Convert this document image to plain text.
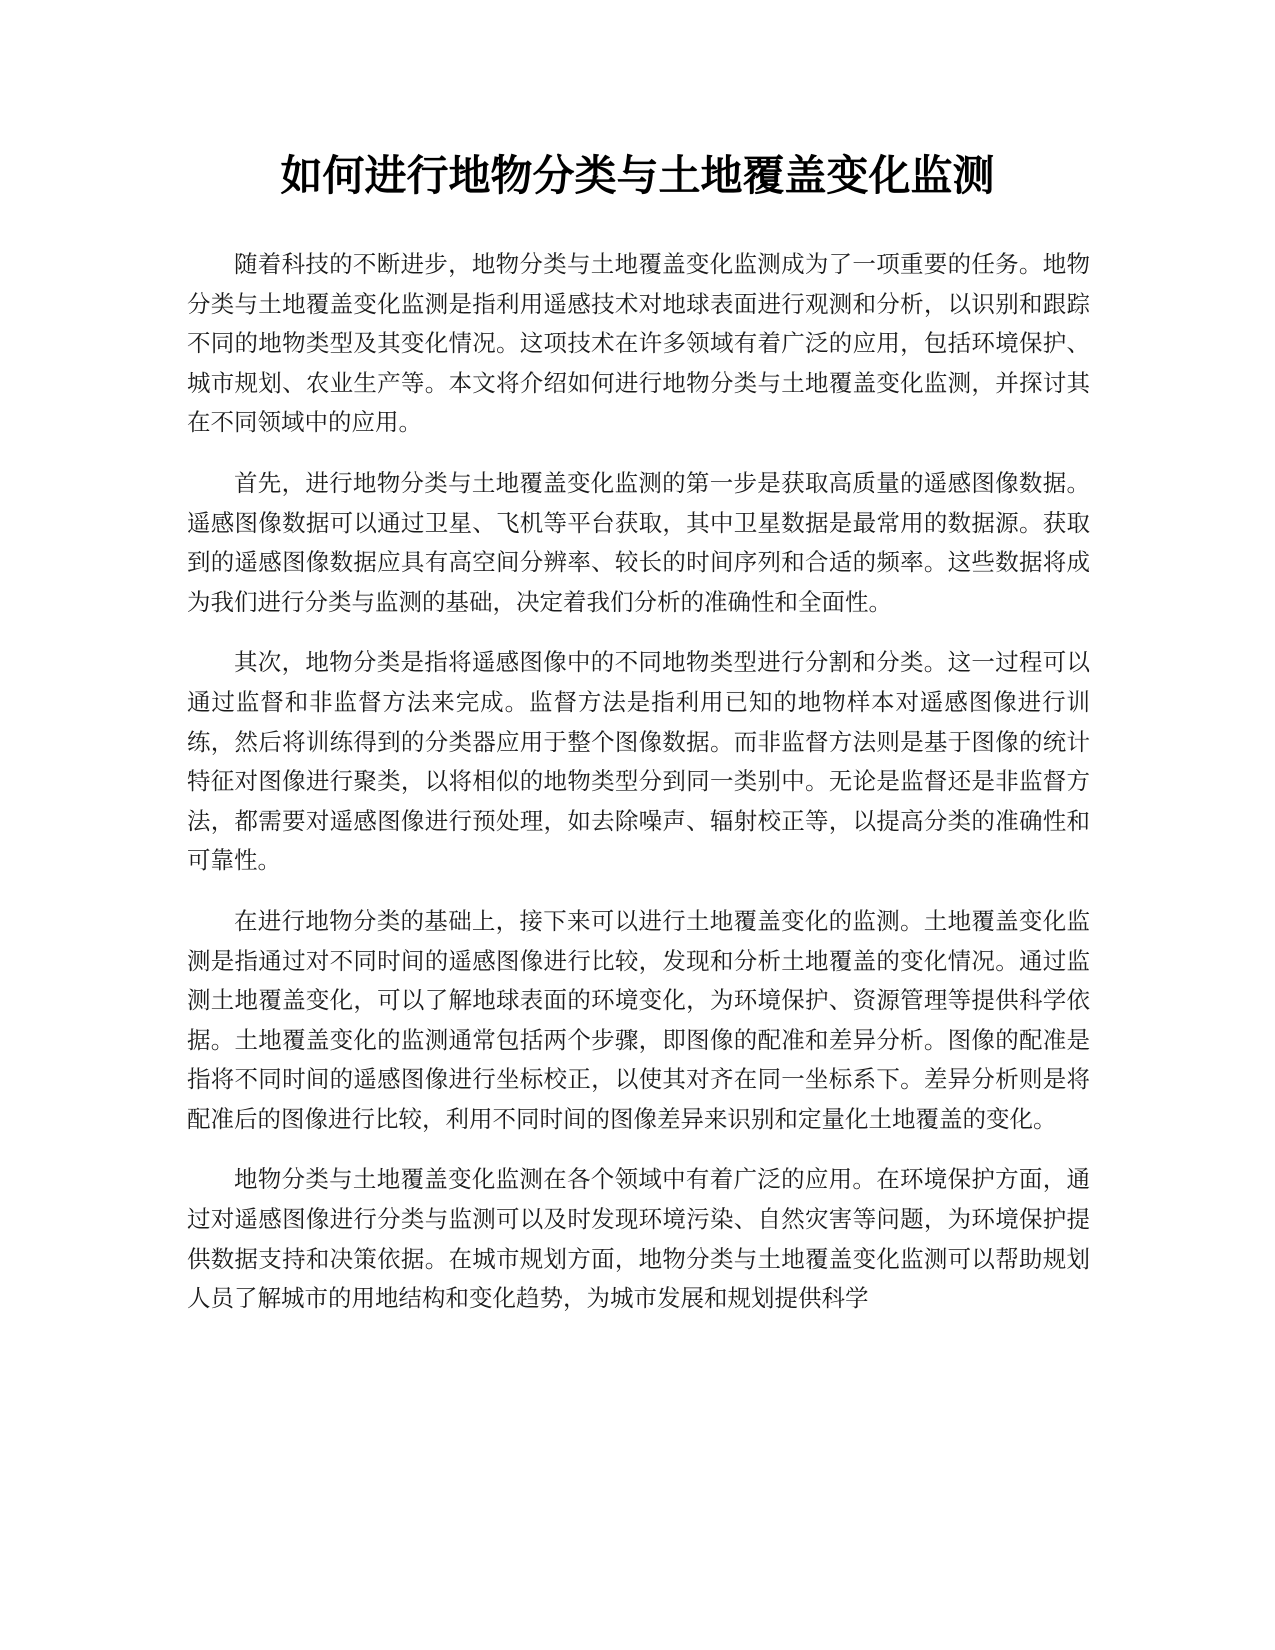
如何进行地物分类与土地覆盖变化监测

随着科技的不断进步，地物分类与土地覆盖变化监测成为了一项重要的任务。地物分类与土地覆盖变化监测是指利用遥感技术对地球表面进行观测和分析，以识别和跟踪不同的地物类型及其变化情况。这项技术在许多领域有着广泛的应用，包括环境保护、城市规划、农业生产等。本文将介绍如何进行地物分类与土地覆盖变化监测，并探讨其在不同领域中的应用。

首先，进行地物分类与土地覆盖变化监测的第一步是获取高质量的遥感图像数据。遥感图像数据可以通过卫星、飞机等平台获取，其中卫星数据是最常用的数据源。获取到的遥感图像数据应具有高空间分辨率、较长的时间序列和合适的频率。这些数据将成为我们进行分类与监测的基础，决定着我们分析的准确性和全面性。

其次，地物分类是指将遥感图像中的不同地物类型进行分割和分类。这一过程可以通过监督和非监督方法来完成。监督方法是指利用已知的地物样本对遥感图像进行训练，然后将训练得到的分类器应用于整个图像数据。而非监督方法则是基于图像的统计特征对图像进行聚类，以将相似的地物类型分到同一类别中。无论是监督还是非监督方法，都需要对遥感图像进行预处理，如去除噪声、辐射校正等，以提高分类的准确性和可靠性。

在进行地物分类的基础上，接下来可以进行土地覆盖变化的监测。土地覆盖变化监测是指通过对不同时间的遥感图像进行比较，发现和分析土地覆盖的变化情况。通过监测土地覆盖变化，可以了解地球表面的环境变化，为环境保护、资源管理等提供科学依据。土地覆盖变化的监测通常包括两个步骤，即图像的配准和差异分析。图像的配准是指将不同时间的遥感图像进行坐标校正，以使其对齐在同一坐标系下。差异分析则是将配准后的图像进行比较，利用不同时间的图像差异来识别和定量化土地覆盖的变化。

地物分类与土地覆盖变化监测在各个领域中有着广泛的应用。在环境保护方面，通过对遥感图像进行分类与监测可以及时发现环境污染、自然灾害等问题，为环境保护提供数据支持和决策依据。在城市规划方面，地物分类与土地覆盖变化监测可以帮助规划人员了解城市的用地结构和变化趋势，为城市发展和规划提供科学
